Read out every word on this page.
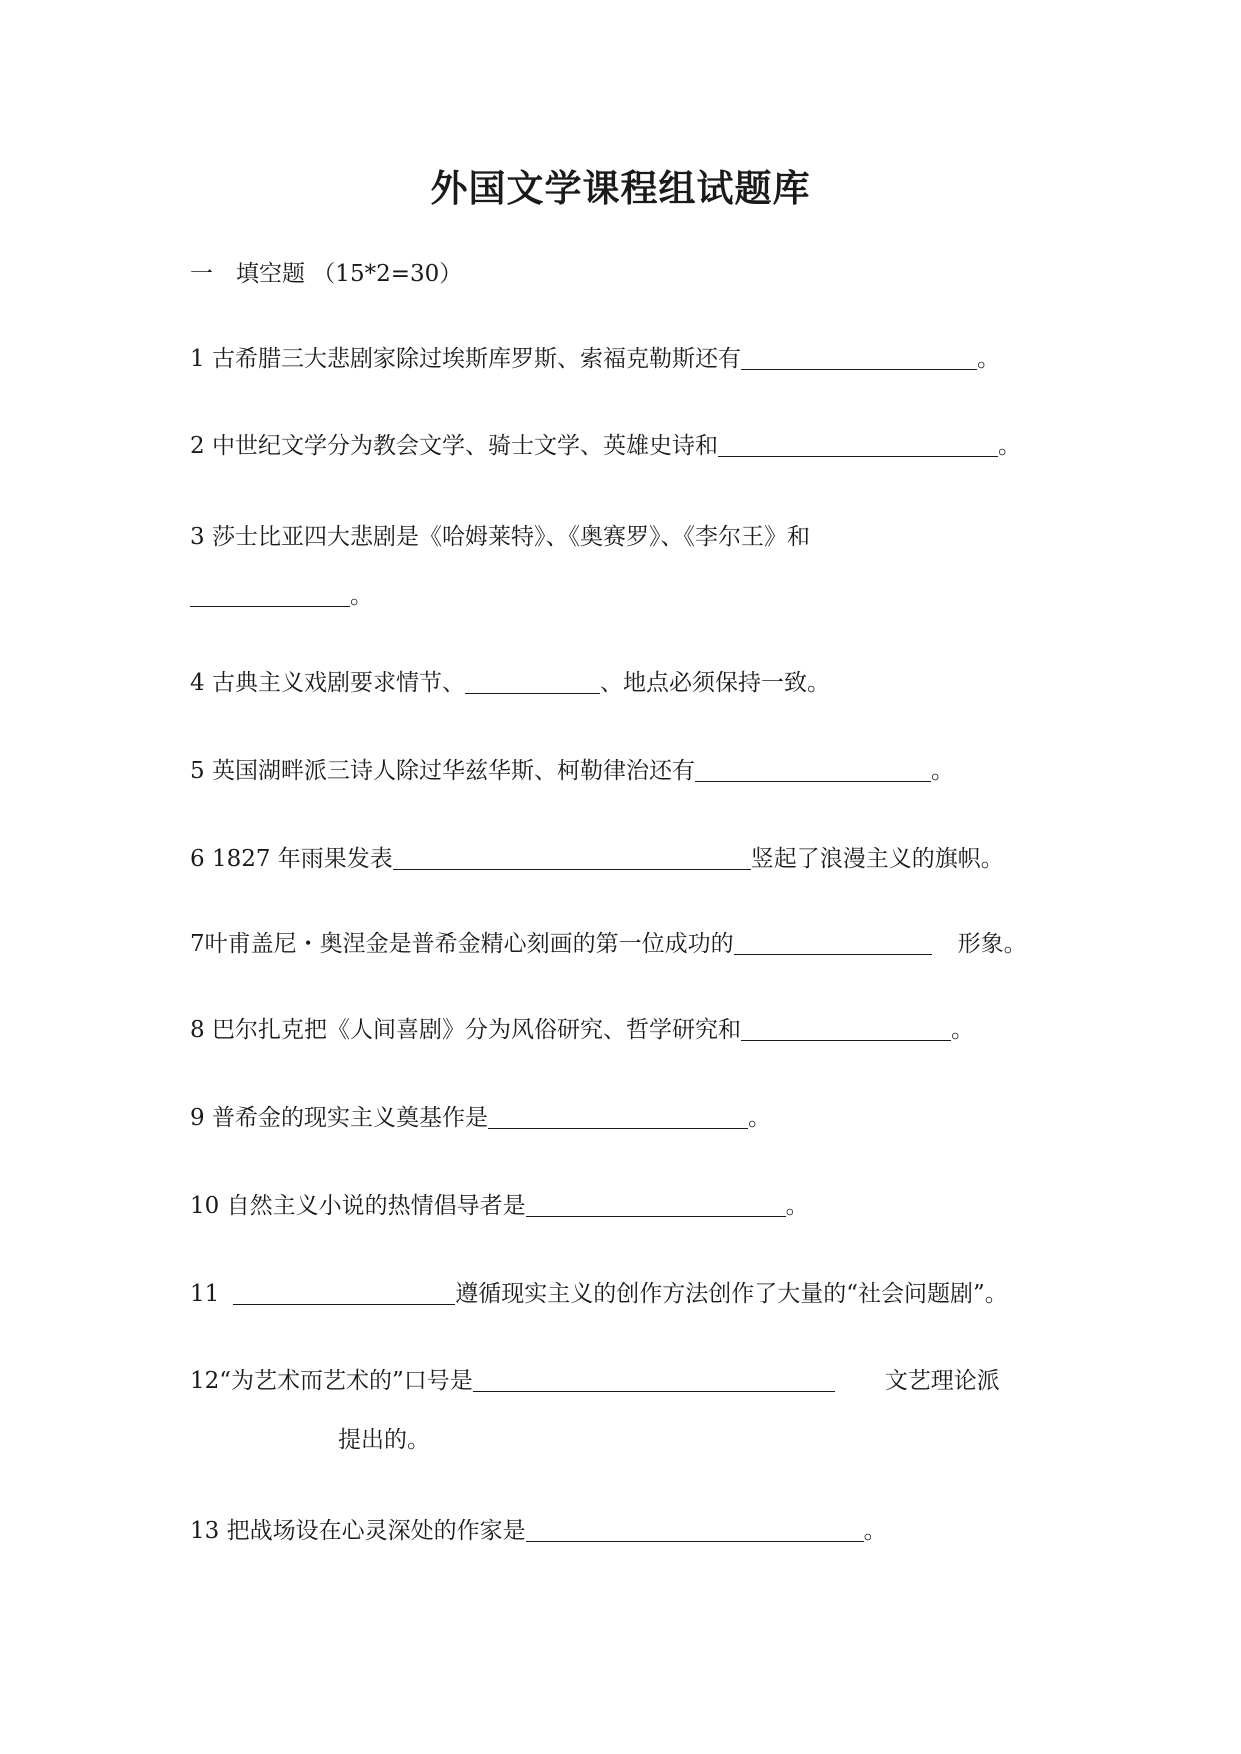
外国文学课程组试题库
一　填空题 （15*2=30）
1 古希腊三大悲剧家除过埃斯库罗斯、索福克勒斯还有	。
2 中世纪文学分为教会文学、骑士文学、英雄史诗和	。
3 莎士比亚四大悲剧是《哈姆莱特》、《奥赛罗》、《李尔王》和
。
4 古典主义戏剧要求情节、	、地点必须保持一致。
5 英国湖畔派三诗人除过华兹华斯、柯勒律治还有	。
6 1827 年雨果发表	竖起了浪漫主义的旗帜。
7叶甫盖尼・奥涅金是普希金精心刻画的第一位成功的	形象。
8 巴尔扎克把《人间喜剧》分为风俗研究、哲学研究和	。
9 普希金的现实主义奠基作是	。
10 自然主义小说的热情倡导者是	。
11	遵循现实主义的创作方法创作了大量的“社会问题剧”。
12“为艺术而艺术的”口号是	文艺理论派
提出的。
13 把战场设在心灵深处的作家是	。
